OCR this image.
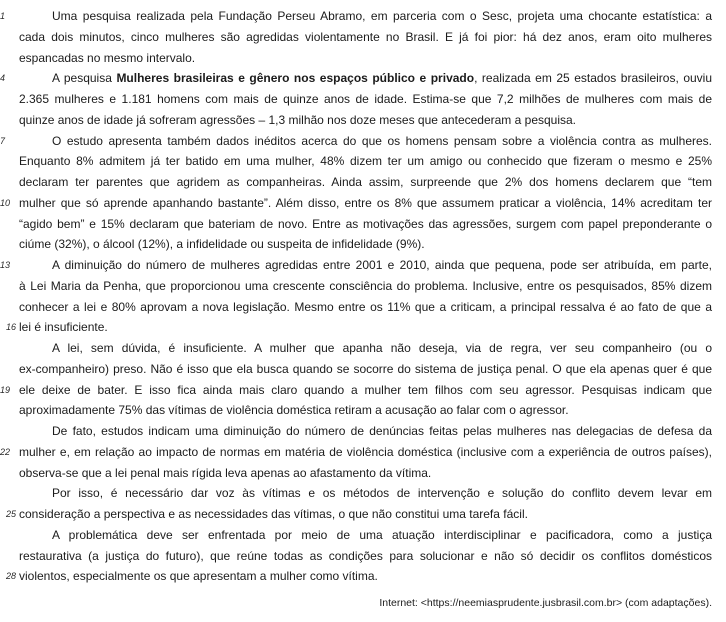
1	Uma pesquisa realizada pela Fundação Perseu Abramo, em parceria com o Sesc, projeta uma chocante estatística: a
cada dois minutos, cinco mulheres são agredidas violentamente no Brasil. E já foi pior: há dez anos, eram oito mulheres
espancadas no mesmo intervalo.
4	A pesquisa Mulheres brasileiras e gênero nos espaços público e privado, realizada em 25 estados brasileiros, ouviu
2.365 mulheres e 1.181 homens com mais de quinze anos de idade. Estima-se que 7,2 milhões de mulheres com mais de
quinze anos de idade já sofreram agressões – 1,3 milhão nos doze meses que antecederam a pesquisa.
7	O estudo apresenta também dados inéditos acerca do que os homens pensam sobre a violência contra as mulheres.
Enquanto 8% admitem já ter batido em uma mulher, 48% dizem ter um amigo ou conhecido que fizeram o mesmo e 25%
declaram ter parentes que agridem as companheiras. Ainda assim, surpreende que 2% dos homens declarem que “tem
10 mulher que só aprende apanhando bastante”. Além disso, entre os 8% que assumem praticar a violência, 14% acreditam ter
“agido bem” e 15% declaram que bateriam de novo. Entre as motivações das agressões, surgem com papel preponderante o
ciúme (32%), o álcool (12%), a infidelidade ou suspeita de infidelidade (9%).
13	A diminuição do número de mulheres agredidas entre 2001 e 2010, ainda que pequena, pode ser atribuída, em parte,
à Lei Maria da Penha, que proporcionou uma crescente consciência do problema. Inclusive, entre os pesquisados, 85% dizem
conhecer a lei e 80% aprovam a nova legislação. Mesmo entre os 11% que a criticam, a principal ressalva é ao fato de que a
16 lei é insuficiente.
A lei, sem dúvida, é insuficiente. A mulher que apanha não deseja, via de regra, ver seu companheiro (ou o
ex-companheiro) preso. Não é isso que ela busca quando se socorre do sistema de justiça penal. O que ela apenas quer é que
19 ele deixe de bater. E isso fica ainda mais claro quando a mulher tem filhos com seu agressor. Pesquisas indicam que
aproximadamente 75% das vítimas de violência doméstica retiram a acusação ao falar com o agressor.
De fato, estudos indicam uma diminuição do número de denúncias feitas pelas mulheres nas delegacias de defesa da
22 mulher e, em relação ao impacto de normas em matéria de violência doméstica (inclusive com a experiência de outros países),
observa-se que a lei penal mais rígida leva apenas ao afastamento da vítima.
Por isso, é necessário dar voz às vítimas e os métodos de intervenção e solução do conflito devem levar em
25 consideração a perspectiva e as necessidades das vítimas, o que não constitui uma tarefa fácil.
A problemática deve ser enfrentada por meio de uma atuação interdisciplinar e pacificadora, como a justiça
restaurativa (a justiça do futuro), que reúne todas as condições para solucionar e não só decidir os conflitos domésticos
28 violentos, especialmente os que apresentam a mulher como vítima.
Internet: <https://neemiasprudente.jusbrasil.com.br> (com adaptações).
